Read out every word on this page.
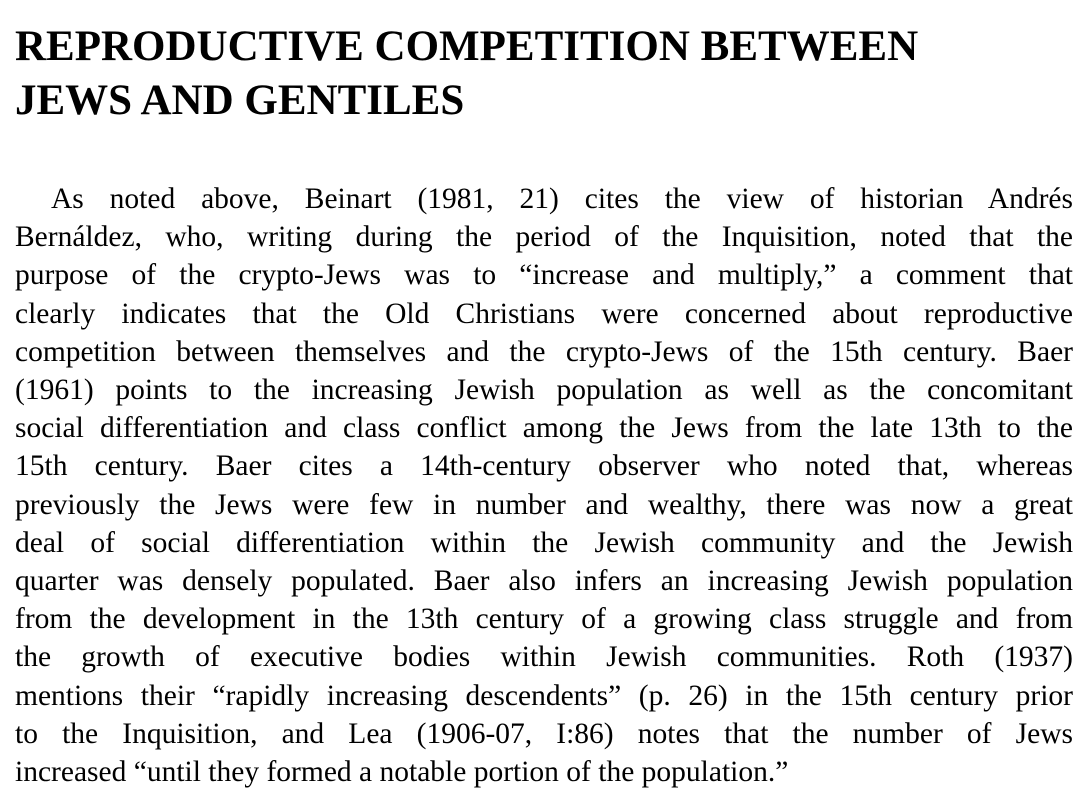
REPRODUCTIVE COMPETITION BETWEEN
JEWS AND GENTILES

As noted above, Beinart (1981, 21) cites the view of historian Andrés
Bernáldez, who, writing during the period of the Inquisition, noted that the
purpose of the crypto-Jews was to “increase and multiply,” a comment that
clearly indicates that the Old Christians were concerned about reproductive
competition between themselves and the crypto-Jews of the 15th century. Baer
(1961) points to the increasing Jewish population as well as the concomitant
social differentiation and class conflict among the Jews from the late 13th to the
15th century. Baer cites a 14th-century observer who noted that, whereas
previously the Jews were few in number and wealthy, there was now a great
deal of social differentiation within the Jewish community and the Jewish
quarter was densely populated. Baer also infers an increasing Jewish population
from the development in the 13th century of a growing class struggle and from
the growth of executive bodies within Jewish communities. Roth (1937)
mentions their “rapidly increasing descendents” (p. 26) in the 15th century prior
to the Inquisition, and Lea (1906-07, I:86) notes that the number of Jews
increased “until they formed a notable portion of the population.”
